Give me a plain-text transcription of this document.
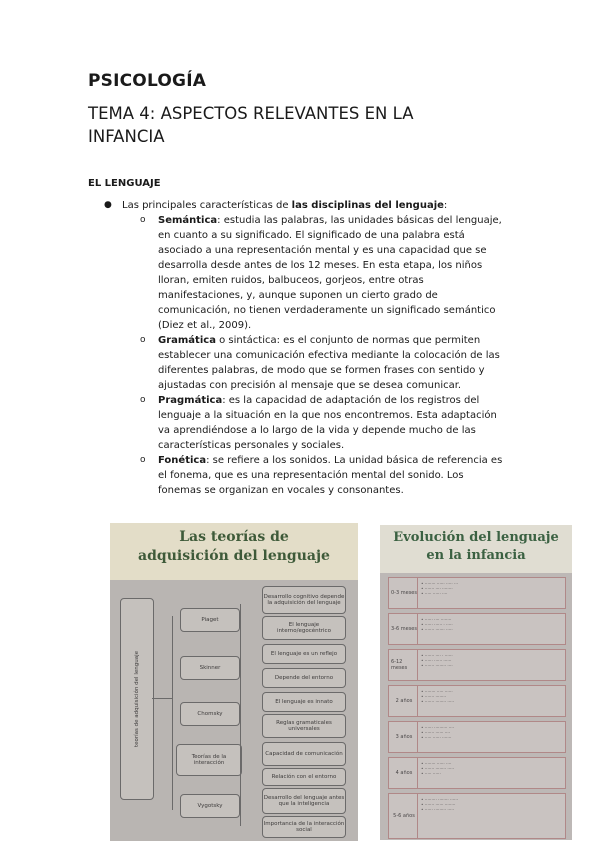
PSICOLOGÍA
TEMA 4: ASPECTOS RELEVANTES EN LA INFANCIA
EL LENGUAJE
● Las principales características de las disciplinas del lenguaje:

o Semántica: estudia las palabras, las unidades básicas del lenguaje, en cuanto a su significado. El significado de una palabra está asociado a una representación mental y es una capacidad que se desarrolla desde antes de los 12 meses. En esta etapa, los niños lloran, emiten ruidos, balbuceos, gorjeos, entre otras manifestaciones, y, aunque suponen un cierto grado de comunicación, no tienen verdaderamente un significado semántico (Diez et al., 2009).

o Gramática o sintáctica: es el conjunto de normas que permiten establecer una comunicación efectiva mediante la colocación de las diferentes palabras, de modo que se formen frases con sentido y ajustadas con precisión al mensaje que se desea comunicar.

o Pragmática: es la capacidad de adaptación de los registros del lenguaje a la situación en la que nos encontremos. Esta adaptación va aprendiéndose a lo largo de la vida y depende mucho de las características personales y sociales.

o Fonética: se refiere a los sonidos. La unidad básica de referencia es el fonema, que es una representación mental del sonido. Los fonemas se organizan en vocales y consonantes.

Las teorías de
adquisición del lenguaje
teorías de adquisición del lenguaje
Piaget
Skinner
Chomsky
Teorías de la interacción
Vygotsky
Desarrollo cognitivo depende la adquisición del lenguaje
El lenguaje interno/egocéntrico
El lenguaje es un reflejo
Depende del entorno
El lenguaje es innato
Reglas gramaticales universales
Capacidad de comunicación
Relación con el entorno
Desarrollo del lenguaje antes que la inteligencia
Importancia de la interacción social
Evolución del lenguaje
en la infancia
0-3 meses
• ········ ······ ····· ···
• ······· ···· ········
• ····· ······ ····
3-6 meses
• ······ ···· ········
• ······ ······ · ·····
• ······· ······· ·····
6-12 meses
• ······· ···· · ······
• ······ ······ ······
• ······· ········ ····
2 años
• ········ ····· ······
• ······· ········
• ······· ········ ·····
3 años
• ······ ·········· ····
• ······· ······ ····
• ····· ······ ·······
4 años
• ········ ······ ····
• ······· ········ ·····
• ····· ······
5-6 años
• ········· ········ ······
• ······· ······ ········
• ······ ········· ·····
